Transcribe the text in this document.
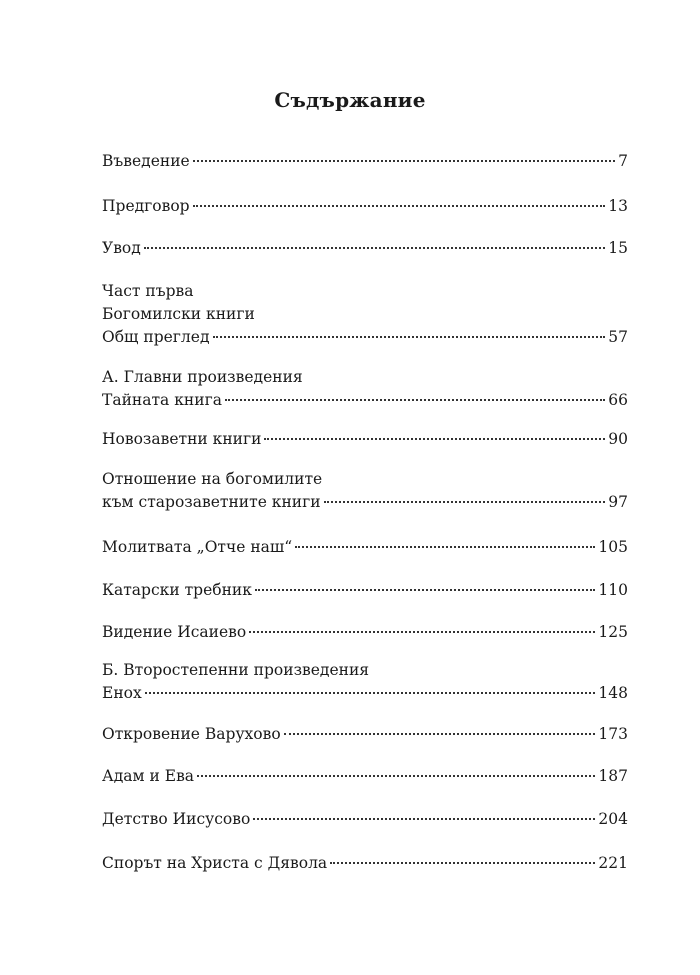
Съдържание
Въведение	7
Предговор	13
Увод	15
Част първа
Богомилски книги
Общ преглед	57
А. Главни произведения
Тайната книга	66
Новозаветни книги	90
Отношение на богомилите
към старозаветните книги	97
Молитвата „Отче наш“	105
Катарски требник	110
Видение Исаиево	125
Б. Второстепенни произведения
Енох	148
Откровение Варухово	173
Адам и Ева	187
Детство Иисусово	204
Спорът на Христа с Дявола	221
